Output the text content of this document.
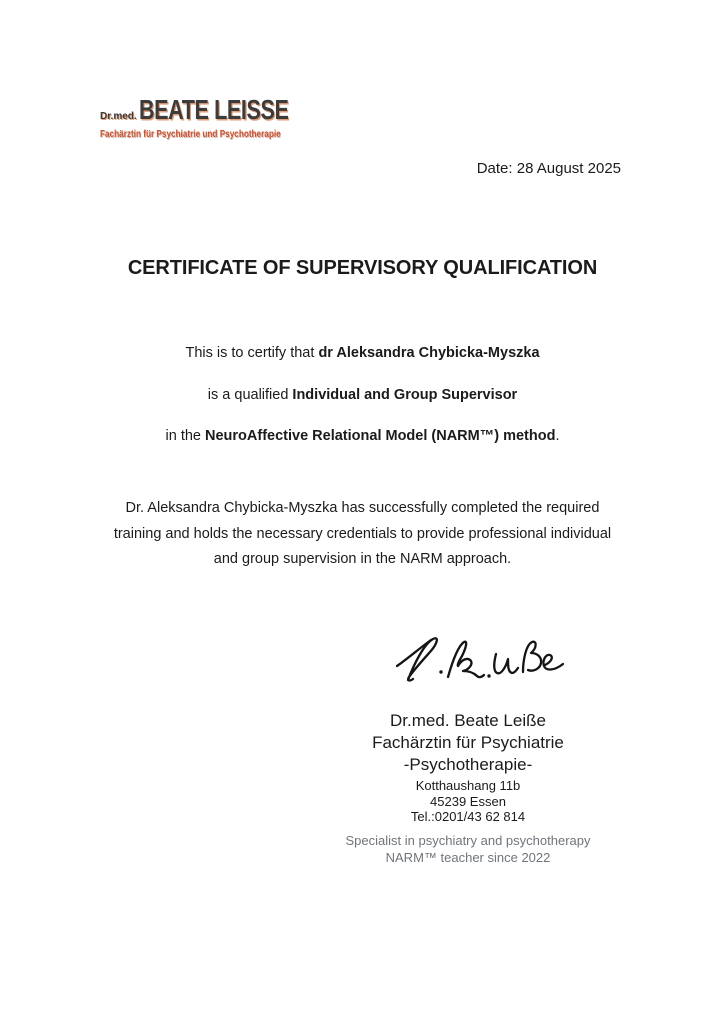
Dr.med. BEATE LEISSE
Fachärztin für Psychiatrie und Psychotherapie
Date: 28 August 2025
CERTIFICATE OF SUPERVISORY QUALIFICATION
This is to certify that dr Aleksandra Chybicka-Myszka
is a qualified Individual and Group Supervisor
in the NeuroAffective Relational Model (NARM™) method.
Dr. Aleksandra Chybicka-Myszka has successfully completed the required
training and holds the necessary credentials to provide professional individual
and group supervision in the NARM approach.
Dr.med. Beate Leiße
Fachärztin für Psychiatrie
-Psychotherapie-
Kotthaushang 11b
45239 Essen
Tel.:0201/43 62 814
Specialist in psychiatry and psychotherapy
NARM™ teacher since 2022
